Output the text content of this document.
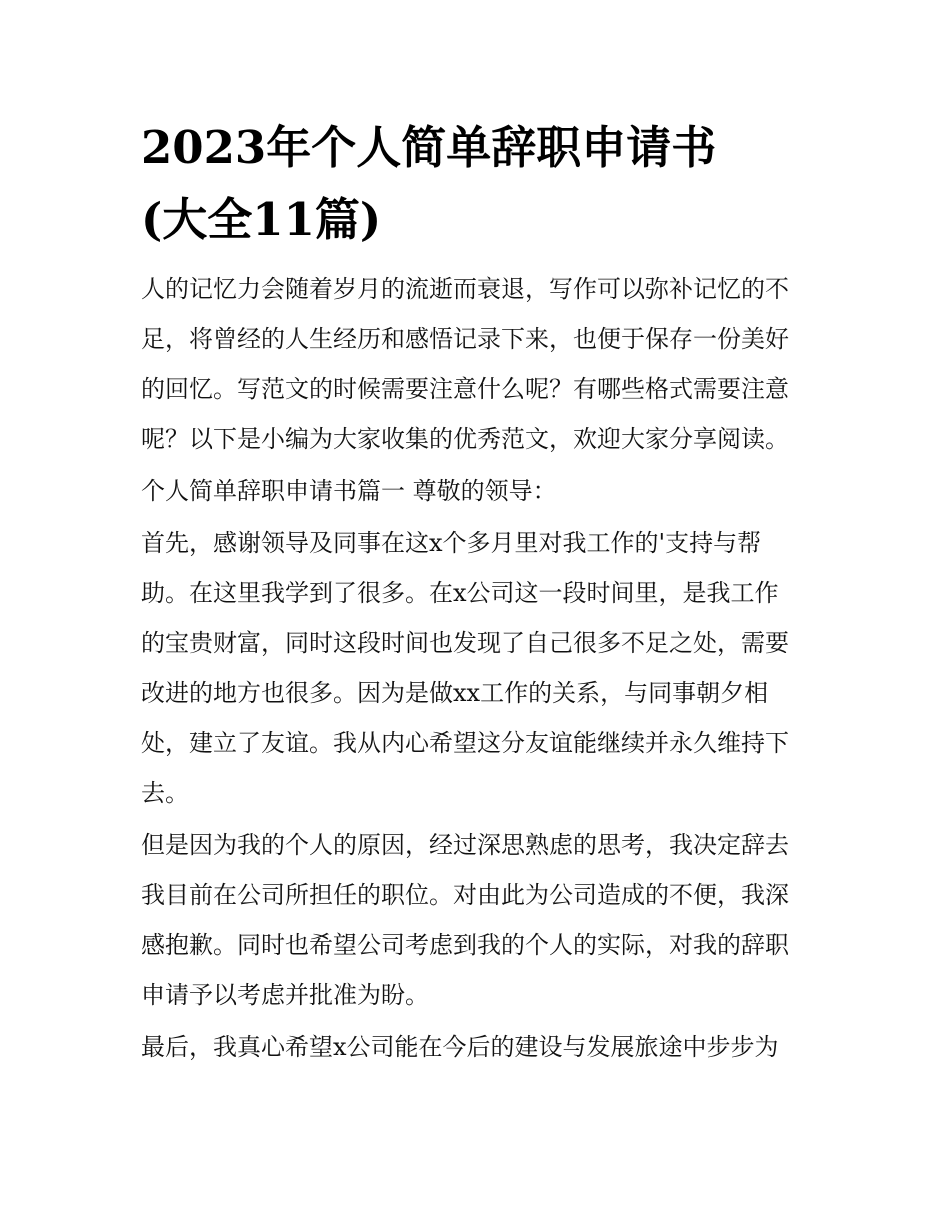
2023年个人简单辞职申请书
(大全11篇)
人的记忆力会随着岁月的流逝而衰退，写作可以弥补记忆的不
足，将曾经的人生经历和感悟记录下来，也便于保存一份美好
的回忆。写范文的时候需要注意什么呢？有哪些格式需要注意
呢？以下是小编为大家收集的优秀范文，欢迎大家分享阅读。
个人简单辞职申请书篇一 尊敬的领导：
首先，感谢领导及同事在这x个多月里对我工作的'支持与帮
助。在这里我学到了很多。在x公司这一段时间里，是我工作
的宝贵财富，同时这段时间也发现了自己很多不足之处，需要
改进的地方也很多。因为是做xx工作的关系，与同事朝夕相
处，建立了友谊。我从内心希望这分友谊能继续并永久维持下
去。
但是因为我的个人的原因，经过深思熟虑的思考，我决定辞去
我目前在公司所担任的职位。对由此为公司造成的不便，我深
感抱歉。同时也希望公司考虑到我的个人的实际，对我的辞职
申请予以考虑并批准为盼。
最后，我真心希望x公司能在今后的建设与发展旅途中步步为
